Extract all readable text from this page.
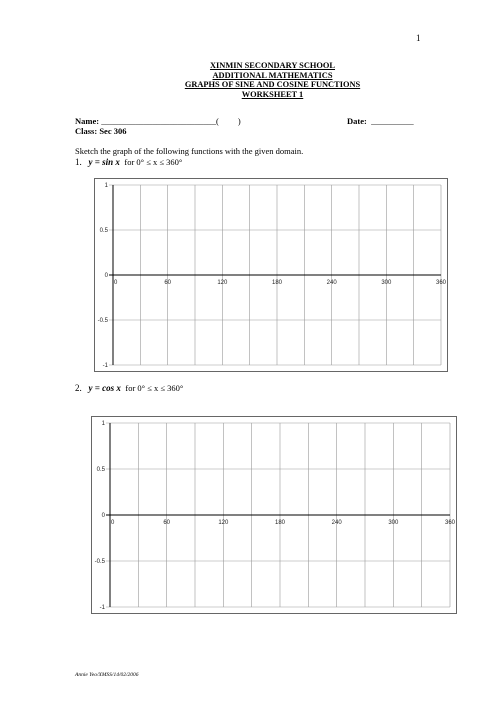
1
XINMIN SECONDARY SCHOOL
ADDITIONAL MATHEMATICS
GRAPHS OF SINE AND COSINE FUNCTIONS
WORKSHEET 1
Name: ___________________________(         )	Date: __________
Class: Sec 306
Sketch the graph of the following functions with the given domain.
1. y = sin x for 0° ≤ x ≤ 360°
1
0.5
0
-0.5
-1
0	60	120	180	240	300	360
2. y = cos x for 0° ≤ x ≤ 360°
1
0.5
0
-0.5
-1
0	60	120	180	240	300	360
Annie Yeo/XMSS/14/02/2006
